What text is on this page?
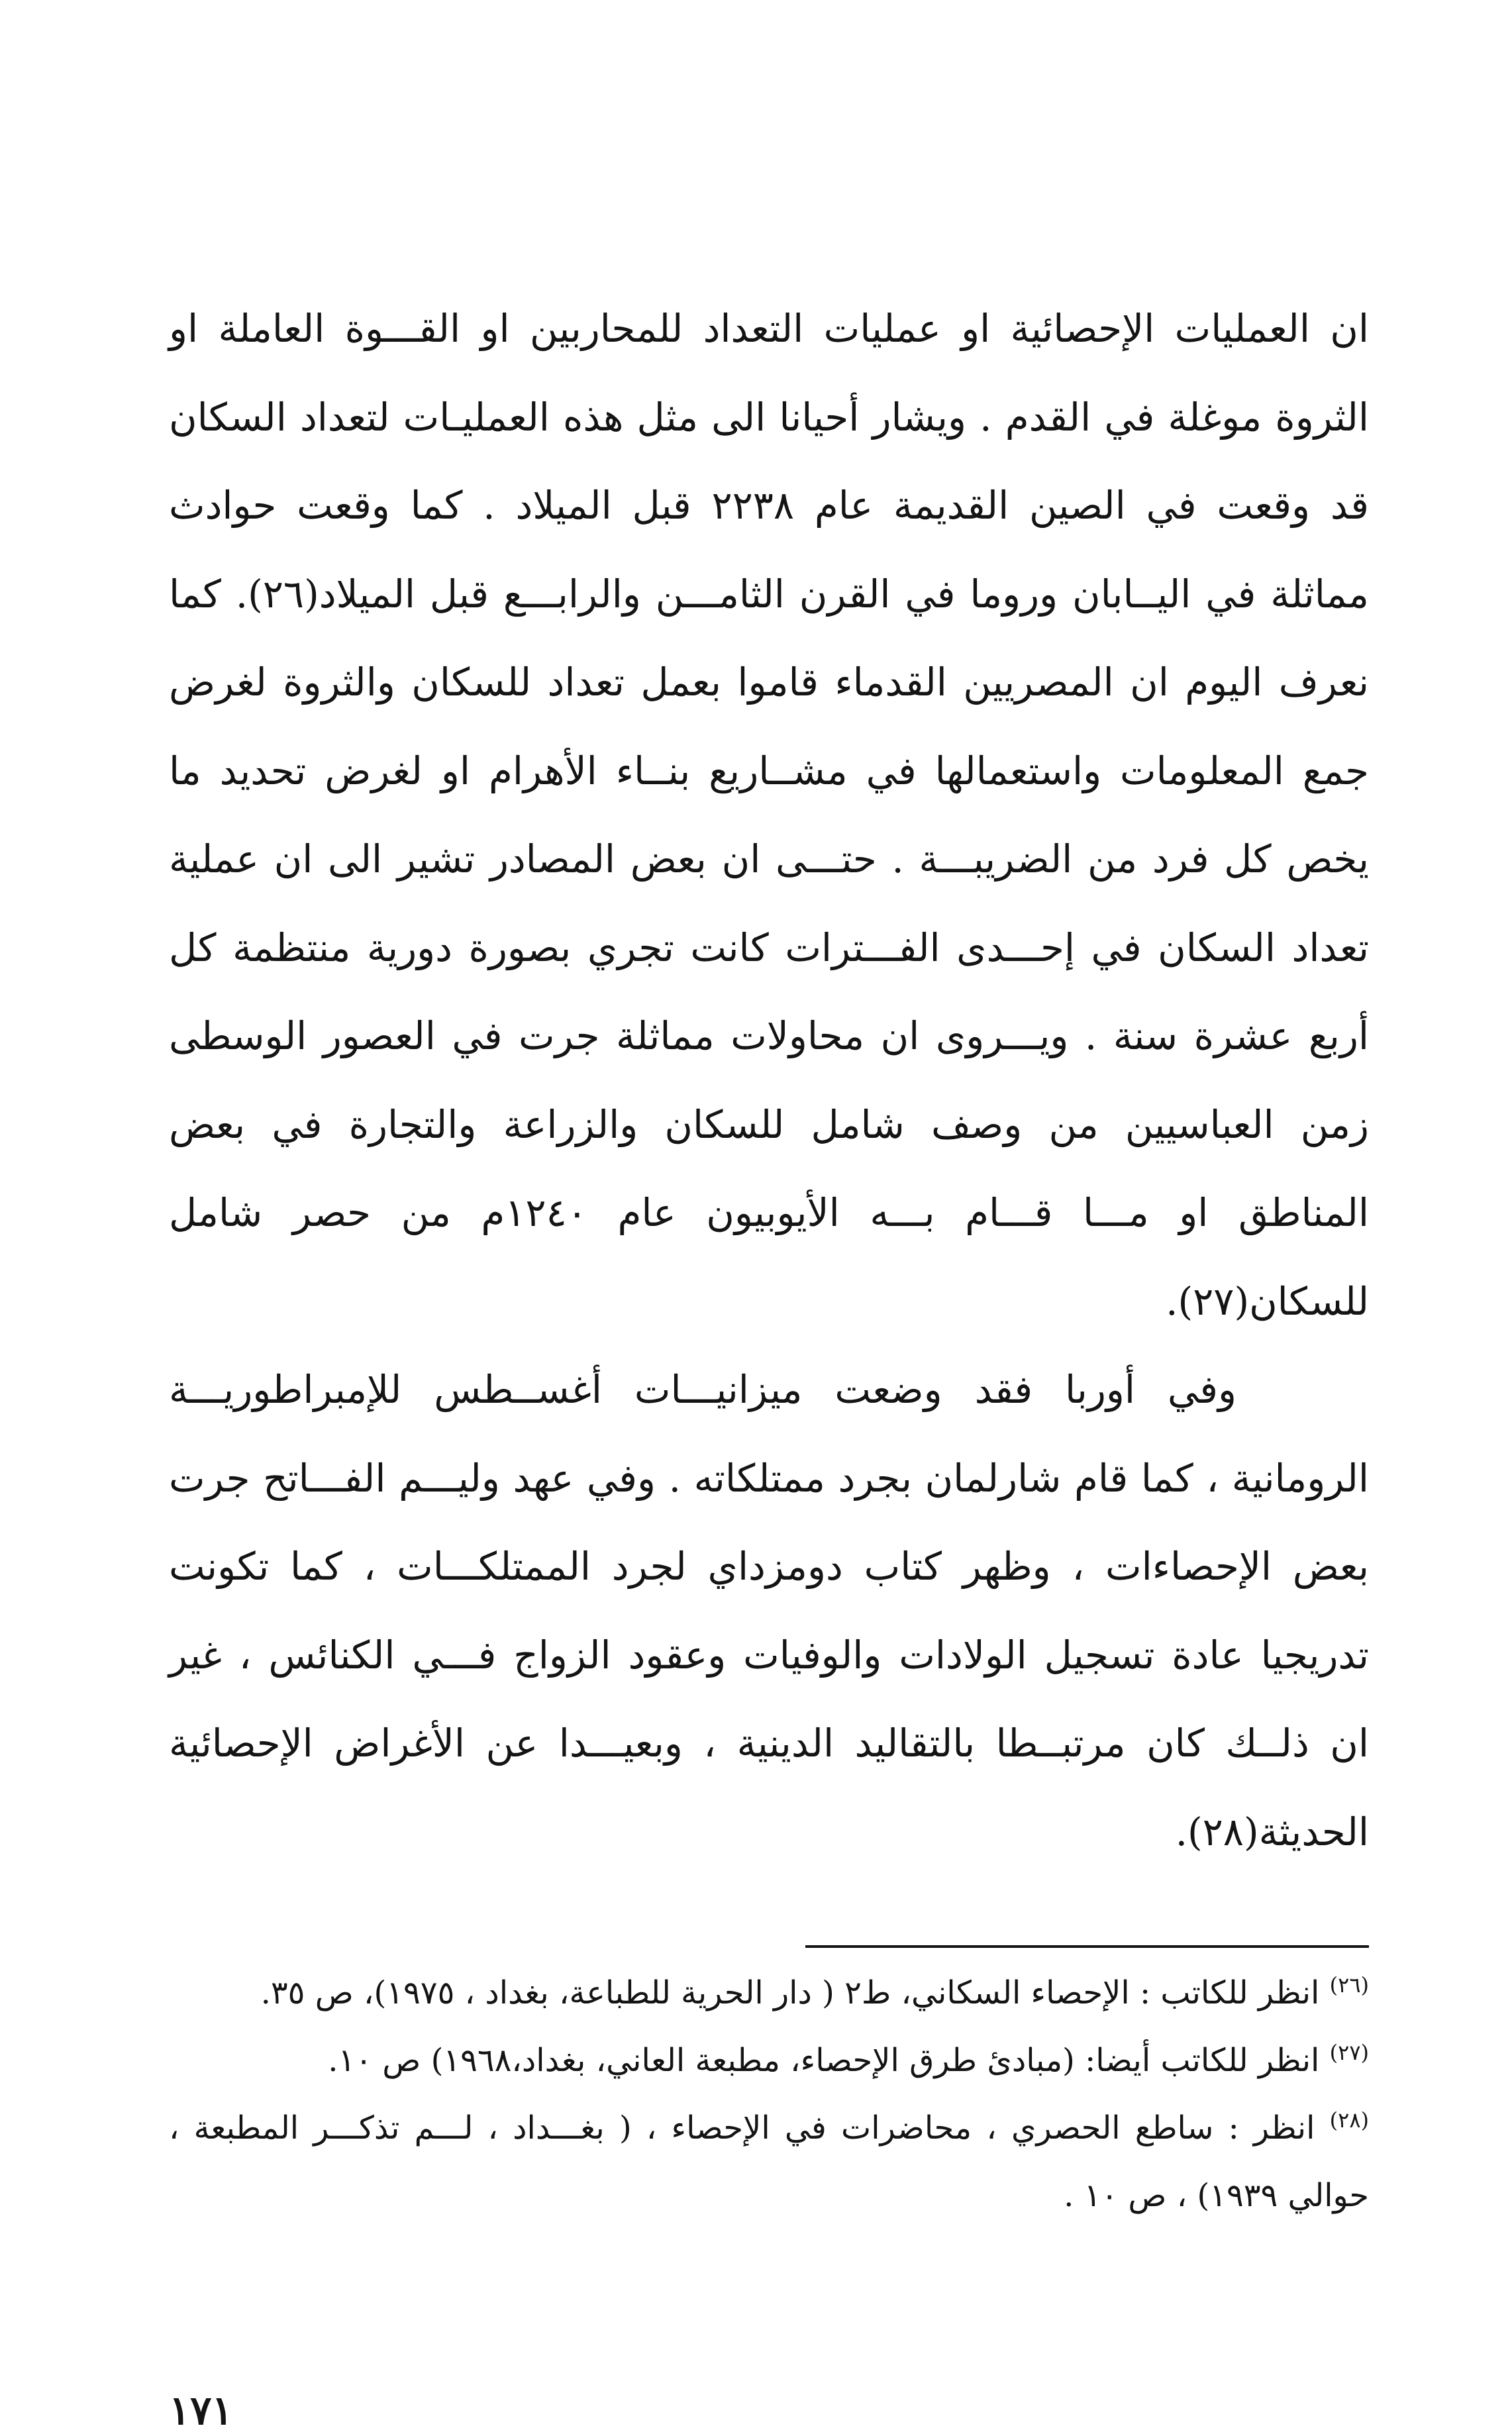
ان العمليات الإحصائية او عمليات التعداد للمحاربين او القـــوة العاملة او الثروة موغلة في القدم . ويشار أحيانا الى مثل هذه العمليـات لتعداد السكان قد وقعت في الصين القديمة عام ٢٢٣٨ قبل الميلاد . كما وقعت حوادث مماثلة في اليــابان وروما في القرن الثامـــن والرابـــع قبل الميلاد(٢٦). كما نعرف اليوم ان المصريين القدماء قاموا بعمل تعداد للسكان والثروة لغرض جمع المعلومات واستعمالها في مشــاريع بنــاء الأهرام او لغرض تحديد ما يخص كل فرد من الضريبـــة . حتـــى ان بعض المصادر تشير الى ان عملية تعداد السكان في إحـــدى الفـــترات كانت تجري بصورة دورية منتظمة كل أربع عشرة سنة . ويـــروى ان محاولات مماثلة جرت في العصور الوسطى زمن العباسيين من وصف شامل للسكان والزراعة والتجارة في بعض المناطق او مـــا قـــام بـــه الأيوبيون عام ١٢٤٠م من حصر شامل للسكان(٢٧).

وفي أوربا فقد وضعت ميزانيـــات أغســطس للإمبراطوريـــة الرومانية ، كما قام شارلمان بجرد ممتلكاته . وفي عهد وليـــم الفـــاتح جرت بعض الإحصاءات ، وظهر كتاب دومزداي لجرد الممتلكـــات ، كما تكونت تدريجيا عادة تسجيل الولادات والوفيات وعقود الزواج فـــي الكنائس ، غير ان ذلــك كان مرتبــطا بالتقاليد الدينية ، وبعيـــدا عن الأغراض الإحصائية الحديثة(٢٨).

$^{(٢٦)}$ انظر للكاتب : الإحصاء السكاني، ط٢ ( دار الحرية للطباعة، بغداد ، ١٩٧٥)، ص ٣٥.

$^{(٢٧)}$ انظر للكاتب أيضا: (مبادئ طرق الإحصاء، مطبعة العاني، بغداد،١٩٦٨) ص ١٠.

$^{(٢٨)}$ انظر : ساطع الحصري ، محاضرات في الإحصاء ، ( بغـــداد ، لـــم تذكـــر المطبعة ، حوالي ١٩٣٩) ، ص ١٠ .

١٧١
